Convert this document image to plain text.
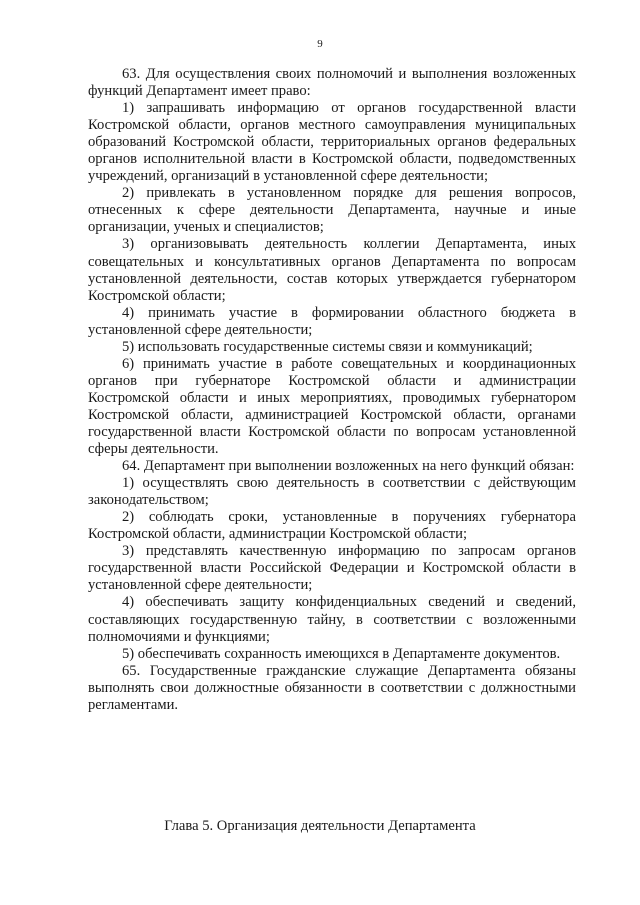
9

63. Для осуществления своих полномочий и выполнения возложенных функций Департамент имеет право:

1) запрашивать информацию от органов государственной власти Костромской области, органов местного самоуправления муниципальных образований Костромской области, территориальных органов федеральных органов исполнительной власти в Костромской области, подведомственных учреждений, организаций в установленной сфере деятельности;

2) привлекать в установленном порядке для решения вопросов, отнесенных к сфере деятельности Департамента, научные и иные организации, ученых и специалистов;

3) организовывать деятельность коллегии Департамента, иных совещательных и консультативных органов Департамента по вопросам установленной деятельности, состав которых утверждается губернатором Костромской области;

4) принимать участие в формировании областного бюджета в установленной сфере деятельности;

5) использовать государственные системы связи и коммуникаций;

6) принимать участие в работе совещательных и координационных органов при губернаторе Костромской области и администрации Костромской области и иных мероприятиях, проводимых губернатором Костромской области, администрацией Костромской области, органами государственной власти Костромской области по вопросам установленной сферы деятельности.

64. Департамент при выполнении возложенных на него функций обязан:

1) осуществлять свою деятельность в соответствии с действующим законодательством;

2) соблюдать сроки, установленные в поручениях губернатора Костромской области, администрации Костромской области;

3) представлять качественную информацию по запросам органов государственной власти Российской Федерации и Костромской области в установленной сфере деятельности;

4) обеспечивать защиту конфиденциальных сведений и сведений, составляющих государственную тайну, в соответствии с возложенными полномочиями и функциями;

5) обеспечивать сохранность имеющихся в Департаменте документов.

65. Государственные гражданские служащие Департамента обязаны выполнять свои должностные обязанности в соответствии с должностными регламентами.

Глава 5. Организация деятельности Департамента
